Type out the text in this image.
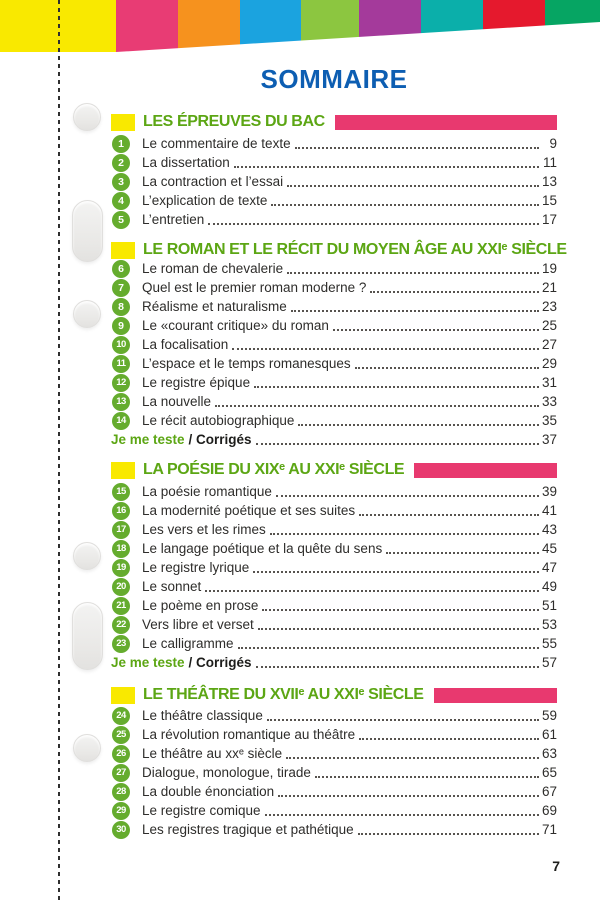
SOMMAIRE
LES ÉPREUVES DU BAC
1	Le commentaire de texte	9
2	La dissertation	11
3	La contraction et l’essai	13
4	L’explication de texte	15
5	L’entretien	17
LE ROMAN ET LE RÉCIT DU MOYEN ÂGE AU XXIᵉ SIÈCLE
6	Le roman de chevalerie	19
7	Quel est le premier roman moderne ?	21
8	Réalisme et naturalisme	23
9	Le «courant critique» du roman	25
10	La focalisation	27
11	L’espace et le temps romanesques	29
12	Le registre épique	31
13	La nouvelle	33
14	Le récit autobiographique	35
Je me teste / Corrigés	37
LA POÉSIE DU XIXᵉ AU XXIᵉ SIÈCLE
15	La poésie romantique	39
16	La modernité poétique et ses suites	41
17	Les vers et les rimes	43
18	Le langage poétique et la quête du sens	45
19	Le registre lyrique	47
20	Le sonnet	49
21	Le poème en prose	51
22	Vers libre et verset	53
23	Le calligramme	55
Je me teste / Corrigés	57
LE THÉÂTRE DU XVIIᵉ AU XXIᵉ SIÈCLE
24	Le théâtre classique	59
25	La révolution romantique au théâtre	61
26	Le théâtre au xxᵉ siècle	63
27	Dialogue, monologue, tirade	65
28	La double énonciation	67
29	Le registre comique	69
30	Les registres tragique et pathétique	71
7
